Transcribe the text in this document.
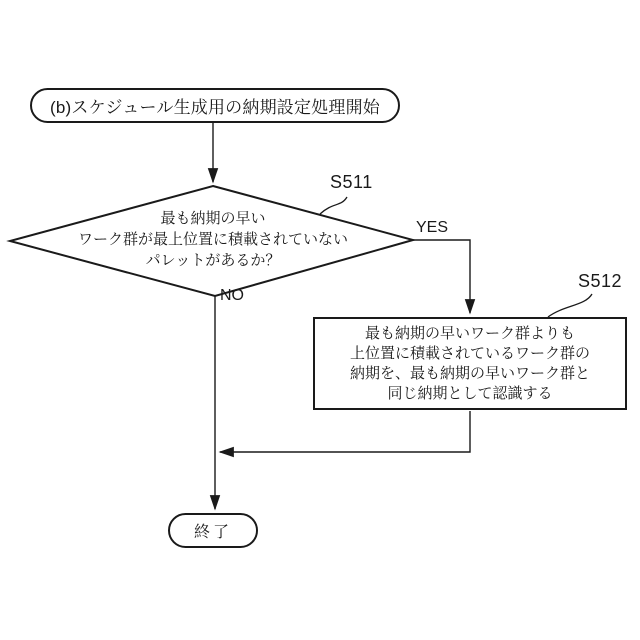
(b)スケジュール生成用の納期設定処理開始
最も納期の早い
ワーク群が最上位置に積載されていない
パレットがあるか？
S511
S512
YES
NO
最も納期の早いワーク群よりも
上位置に積載されているワーク群の
納期を、最も納期の早いワーク群と
同じ納期として認識する
終了
